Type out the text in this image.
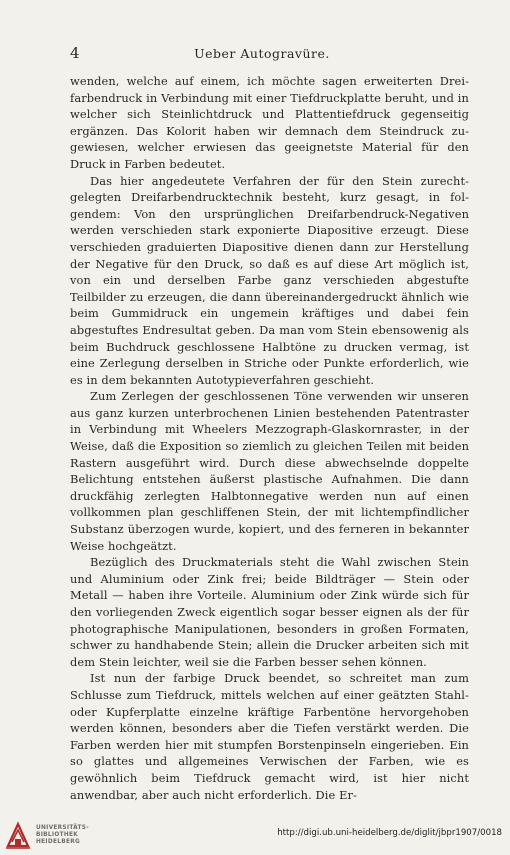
4	Ueber Autogravüre.

wenden, welche auf einem, ich möchte sagen erweiterten Dreifarbendruck in Verbindung mit einer Tiefdruckplatte beruht, und in welcher sich Steinlichtdruck und Plattentiefdruck gegenseitig ergänzen. Das Kolorit haben wir demnach dem Steindruck zugewiesen, welcher erwiesen das geeignetste Material für den Druck in Farben bedeutet.

Das hier angedeutete Verfahren der für den Stein zurechtgelegten Dreifarbendrucktechnik besteht, kurz gesagt, in folgendem: Von den ursprünglichen Dreifarbendruck-Negativen werden verschieden stark exponierte Diapositive erzeugt. Diese verschieden graduierten Diapositive dienen dann zur Herstellung der Negative für den Druck, so daß es auf diese Art möglich ist, von ein und derselben Farbe ganz verschieden abgestufte Teilbilder zu erzeugen, die dann übereinandergedruckt ähnlich wie beim Gummidruck ein ungemein kräftiges und dabei fein abgestuftes Endresultat geben. Da man vom Stein ebensowenig als beim Buchdruck geschlossene Halbtöne zu drucken vermag, ist eine Zerlegung derselben in Striche oder Punkte erforderlich, wie es in dem bekannten Autotypieverfahren geschieht.

Zum Zerlegen der geschlossenen Töne verwenden wir unseren aus ganz kurzen unterbrochenen Linien bestehenden Patentraster in Verbindung mit Wheelers Mezzograph-Glaskornraster, in der Weise, daß die Exposition so ziemlich zu gleichen Teilen mit beiden Rastern ausgeführt wird. Durch diese abwechselnde doppelte Belichtung entstehen äußerst plastische Aufnahmen. Die dann druckfähig zerlegten Halbtonnegative werden nun auf einen vollkommen plan geschliffenen Stein, der mit lichtempfindlicher Substanz überzogen wurde, kopiert, und des ferneren in bekannter Weise hochgeätzt.

Bezüglich des Druckmaterials steht die Wahl zwischen Stein und Aluminium oder Zink frei; beide Bildträger — Stein oder Metall — haben ihre Vorteile. Aluminium oder Zink würde sich für den vorliegenden Zweck eigentlich sogar besser eignen als der für photographische Manipulationen, besonders in großen Formaten, schwer zu handhabende Stein; allein die Drucker arbeiten sich mit dem Stein leichter, weil sie die Farben besser sehen können.

Ist nun der farbige Druck beendet, so schreitet man zum Schlusse zum Tiefdruck, mittels welchen auf einer geätzten Stahl- oder Kupferplatte einzelne kräftige Farbentöne hervorgehoben werden können, besonders aber die Tiefen verstärkt werden. Die Farben werden hier mit stumpfen Borstenpinseln eingerieben. Ein so glattes und allgemeines Verwischen der Farben, wie es gewöhnlich beim Tiefdruck gemacht wird, ist hier nicht anwendbar, aber auch nicht erforderlich. Die Er-

UNIVERSITÄTS-
BIBLIOTHEK
HEIDELBERG
http://digi.ub.uni-heidelberg.de/diglit/jbpr1907/0018
